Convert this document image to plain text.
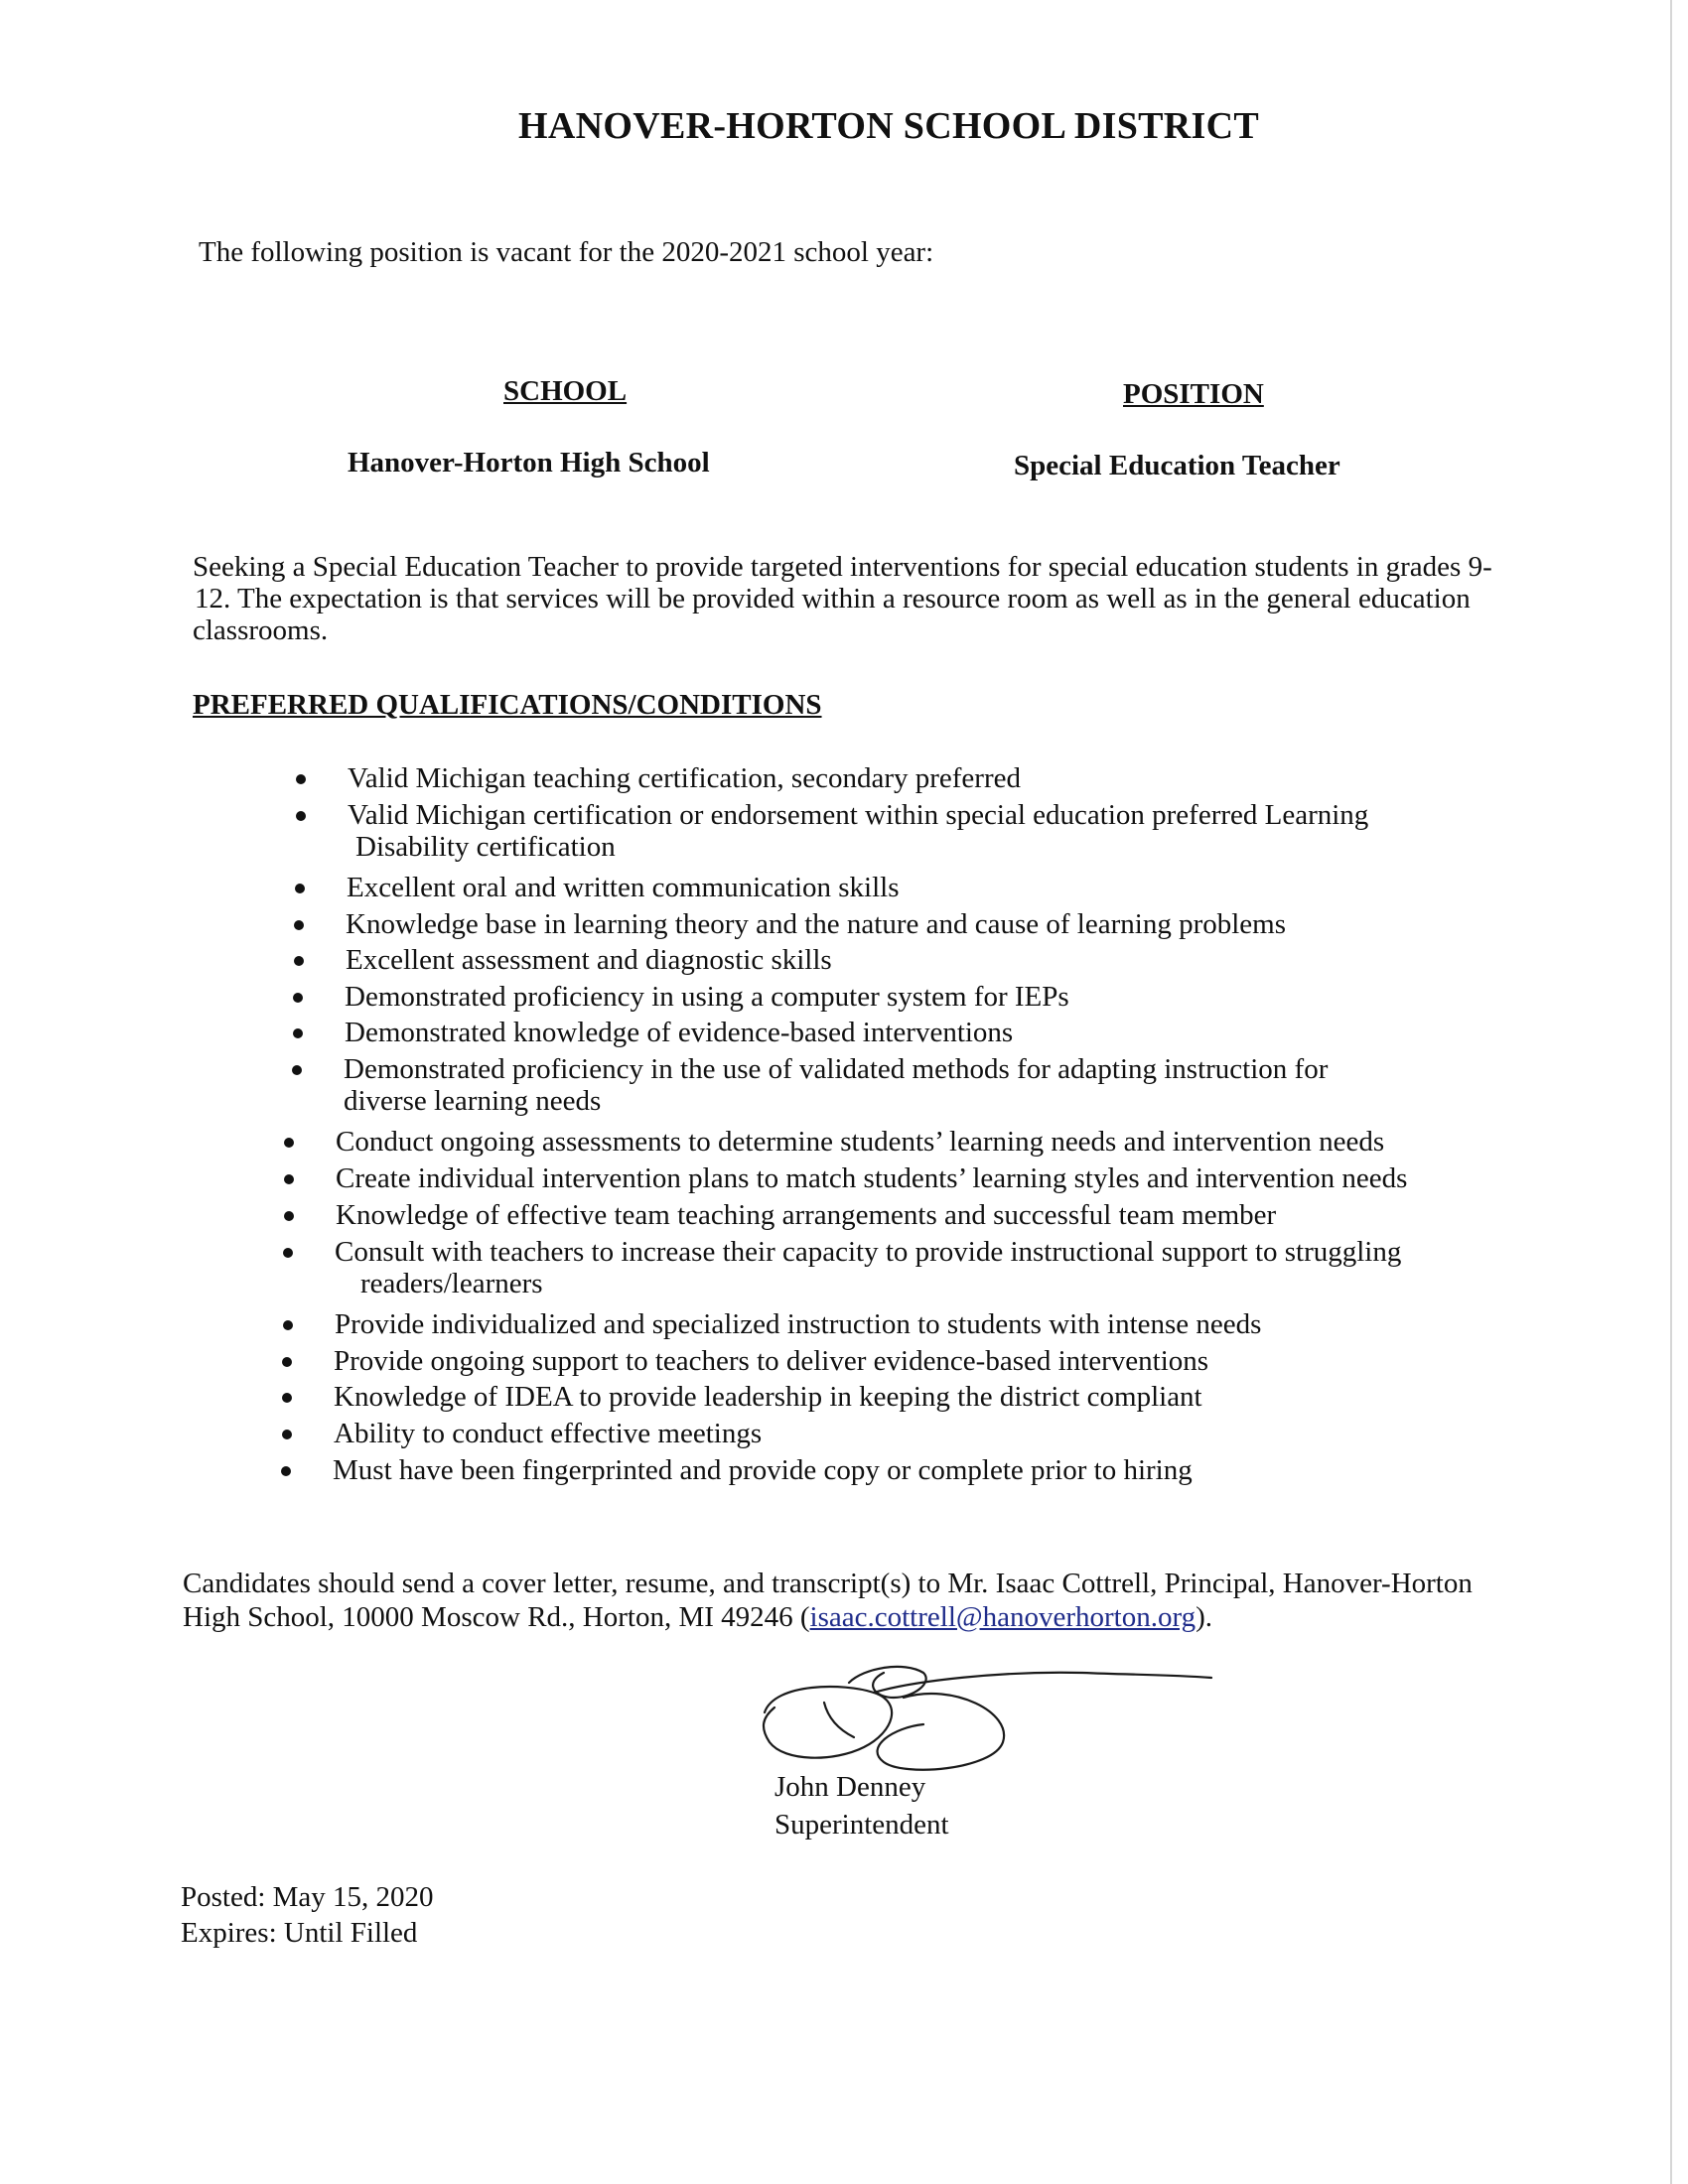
HANOVER-HORTON SCHOOL DISTRICT
The following position is vacant for the 2020-2021 school year:
SCHOOL	POSITION
Hanover-Horton High School	Special Education Teacher
Seeking a Special Education Teacher to provide targeted interventions for special education students in grades 9-
12. The expectation is that services will be provided within a resource room as well as in the general education
classrooms.
PREFERRED QUALIFICATIONS/CONDITIONS
Valid Michigan teaching certification, secondary preferred
Valid Michigan certification or endorsement within special education preferred Learning
Disability certification
Excellent oral and written communication skills
Knowledge base in learning theory and the nature and cause of learning problems
Excellent assessment and diagnostic skills
Demonstrated proficiency in using a computer system for IEPs
Demonstrated knowledge of evidence-based interventions
Demonstrated proficiency in the use of validated methods for adapting instruction for
diverse learning needs
Conduct ongoing assessments to determine students’ learning needs and intervention needs
Create individual intervention plans to match students’ learning styles and intervention needs
Knowledge of effective team teaching arrangements and successful team member
Consult with teachers to increase their capacity to provide instructional support to struggling
readers/learners
Provide individualized and specialized instruction to students with intense needs
Provide ongoing support to teachers to deliver evidence-based interventions
Knowledge of IDEA to provide leadership in keeping the district compliant
Ability to conduct effective meetings
Must have been fingerprinted and provide copy or complete prior to hiring
Candidates should send a cover letter, resume, and transcript(s) to Mr. Isaac Cottrell, Principal, Hanover-Horton
High School, 10000 Moscow Rd., Horton, MI 49246 (isaac.cottrell@hanoverhorton.org).
John Denney
Superintendent
Posted: May 15, 2020
Expires: Until Filled
